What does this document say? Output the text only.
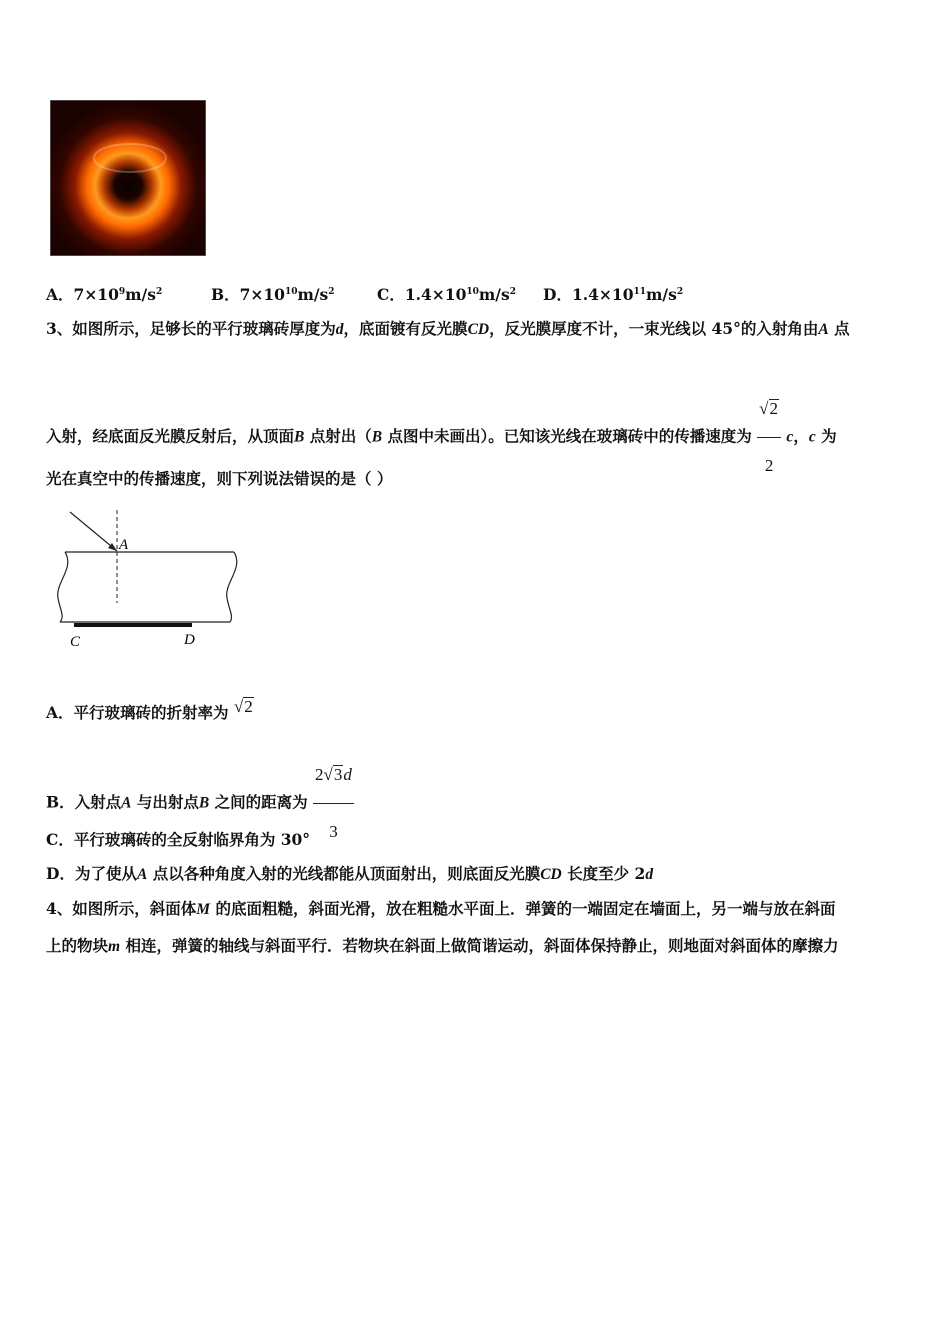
A．$7\times 10^9m/s^2$	B．$7\times 10^{10}m/s^2$	C．$1.4\times 10^{10}m/s^2$ D．$1.4\times 10^{11}m/s^2$
3、如图所示，足够长的平行玻璃砖厚度为d，底面镀有反光膜CD，反光膜厚度不计，一束光线以 45°的入射角由A 点
入射，经底面反光膜反射后，从顶面B 点射出（B 点图中未画出）。已知该光线在玻璃砖中的传播速度为 $\frac{√2}{2}$ c，c 为
光在真空中的传播速度，则下列说法错误的是（ ）
A
C	D
A．平行玻璃砖的折射率为 √2
B．入射点A 与出射点B 之间的距离为 $\frac{2√3d}{3}$
C．平行玻璃砖的全反射临界角为 30°
D．为了使从A 点以各种角度入射的光线都能从顶面射出，则底面反光膜CD 长度至少 2d
4、如图所示，斜面体M 的底面粗糙，斜面光滑，放在粗糙水平面上．弹簧的一端固定在墙面上，另一端与放在斜面
上的物块m 相连，弹簧的轴线与斜面平行．若物块在斜面上做简谐运动，斜面体保持静止，则地面对斜面体的摩擦力
